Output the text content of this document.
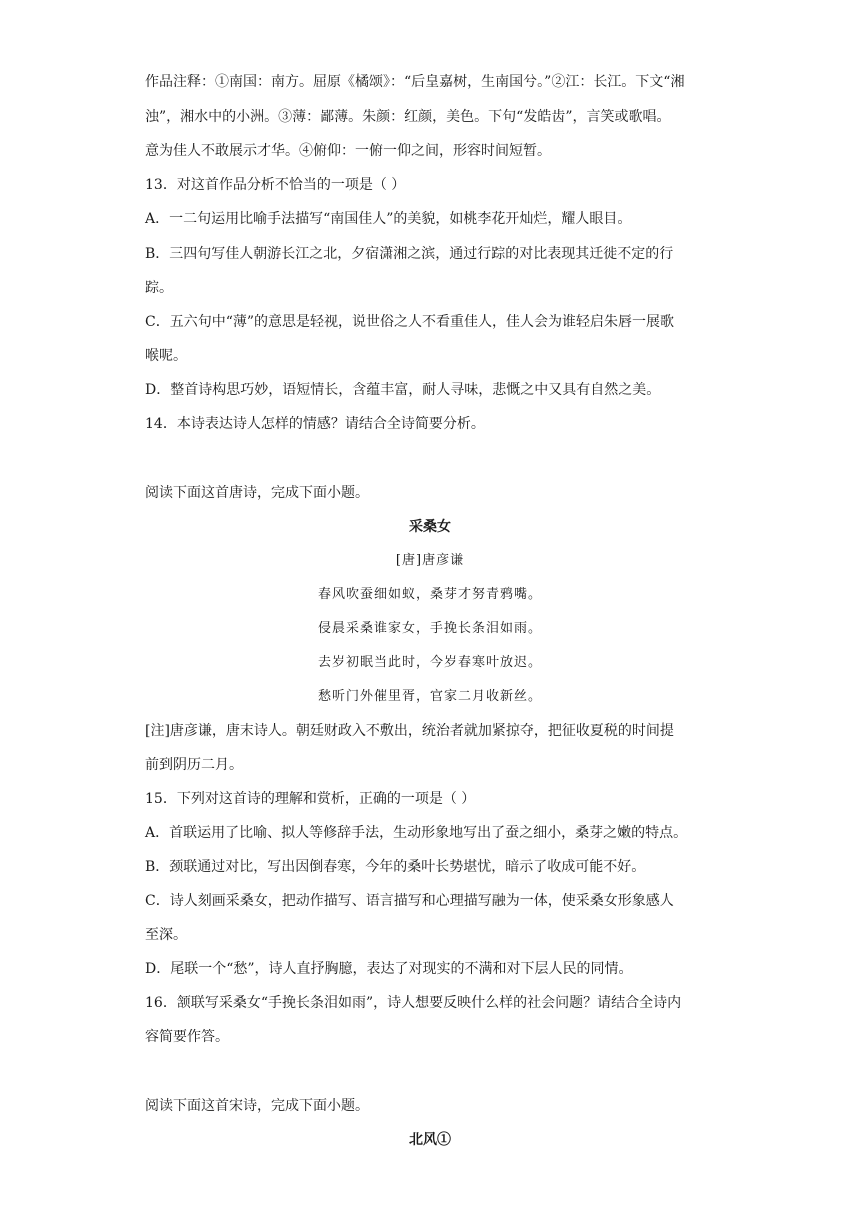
作品注释：①南国：南方。屈原《橘颂》：“后皇嘉树，生南国兮。”②江：长江。下文“湘
浊”，湘水中的小洲。③薄：鄙薄。朱颜：红颜，美色。下句“发皓齿”，言笑或歌唱。
意为佳人不敢展示才华。④俯仰：一俯一仰之间，形容时间短暂。
13．对这首作品分析不恰当的一项是（ ）
A．一二句运用比喻手法描写“南国佳人”的美貌，如桃李花开灿烂，耀人眼目。
B．三四句写佳人朝游长江之北，夕宿潇湘之滨，通过行踪的对比表现其迁徙不定的行
踪。
C．五六句中“薄”的意思是轻视，说世俗之人不看重佳人，佳人会为谁轻启朱唇一展歌
喉呢。
D．整首诗构思巧妙，语短情长，含蕴丰富，耐人寻味，悲慨之中又具有自然之美。
14．本诗表达诗人怎样的情感？请结合全诗简要分析。
阅读下面这首唐诗，完成下面小题。
采桑女
[唐]唐彦谦
春风吹蚕细如蚁，桑芽才努青鸦嘴。
侵晨采桑谁家女，手挽长条泪如雨。
去岁初眠当此时，今岁春寒叶放迟。
愁听门外催里胥，官家二月收新丝。
[注]唐彦谦，唐末诗人。朝廷财政入不敷出，统治者就加紧掠夺，把征收夏税的时间提
前到阴历二月。
15．下列对这首诗的理解和赏析，正确的一项是（ ）
A．首联运用了比喻、拟人等修辞手法，生动形象地写出了蚕之细小，桑芽之嫩的特点。
B．颈联通过对比，写出因倒春寒，今年的桑叶长势堪忧，暗示了收成可能不好。
C．诗人刻画采桑女，把动作描写、语言描写和心理描写融为一体，使采桑女形象感人
至深。
D．尾联一个“愁”，诗人直抒胸臆，表达了对现实的不满和对下层人民的同情。
16．颔联写采桑女“手挽长条泪如雨”，诗人想要反映什么样的社会问题？请结合全诗内
容简要作答。
阅读下面这首宋诗，完成下面小题。
北风①
